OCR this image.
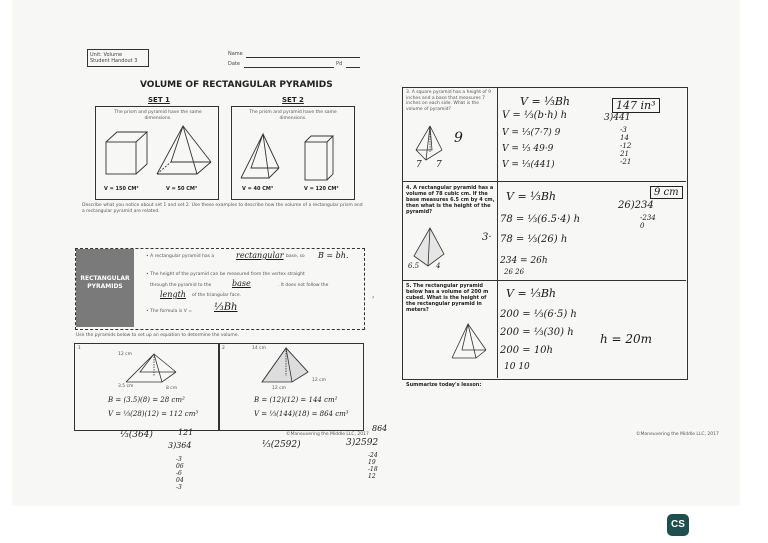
Unit: Volume
Student Handout 3
Name
Date	Pd
VOLUME OF RECTANGULAR PYRAMIDS
SET 1	SET 2
The prism and pyramid have the same dimensions.
V = 150 CM³	V = 50 CM³
The prism and pyramid have the same dimensions.
V = 40 CM³	V = 120 CM³
Describe what you notice about set 1 and set 2. Use these examples to describe how the volume of a rectangular prism and a rectangular pyramid are related.
RECTANGULAR PYRAMIDS
• A rectangular pyramid has a	rectangular base, so B = bh.
• The height of the pyramid can be measured from the vertex straight
through the pyramid to the	base	. It does not follow the
length of the triangular face.
• The formula is V = ⅓Bh
Use the pyramids below to set up an equation to determine the volume.
1
12 cm
3.5 cm	8 cm
B = (3.5)(8) = 28 cm²
V = ⅓(28)(12) = 112 cm³
⅓(364)	121
3)364
-3
06
-6
04
-3
2	14 cm
12 cm
12 cm
B = (12)(12) = 144 cm²
V = ⅓(144)(18) = 864 cm³
©Maneuvering the Middle LLC, 2017
⅓(2592)
864
3)2592
-24
19
-18
12
3. A square pyramid has a height of 9 inches and a base that measures 7 inches on each side. What is the volume of pyramid?
9
7 7
V = ⅓Bh
V = ⅓(b·h) h
V = ⅓(7·7) 9
V = ⅓ 49·9
V = ⅓(441)
147 in³
3)441
-3
14
-12
21
-21
4. A rectangular pyramid has a volume of 78 cubic cm. If the base measures 6.5 cm by 4 cm, then what is the height of the pyramid?
6.5 4
V = ⅓Bh
78 = ⅓(6.5·4) h
3· 78 = ⅓(26) h
234 = 26h
26 26
9 cm
26)234
-234
0
5. The rectangular pyramid below has a volume of 200 m cubed. What is the height of the rectangular pyramid in meters?
V = ⅓Bh
200 = ⅓(6·5) h
200 = ⅓(30) h
200 = 10h
10 10
h = 20m
Summarize today's lesson:
©Maneuvering the Middle LLC, 2017
›
CS
